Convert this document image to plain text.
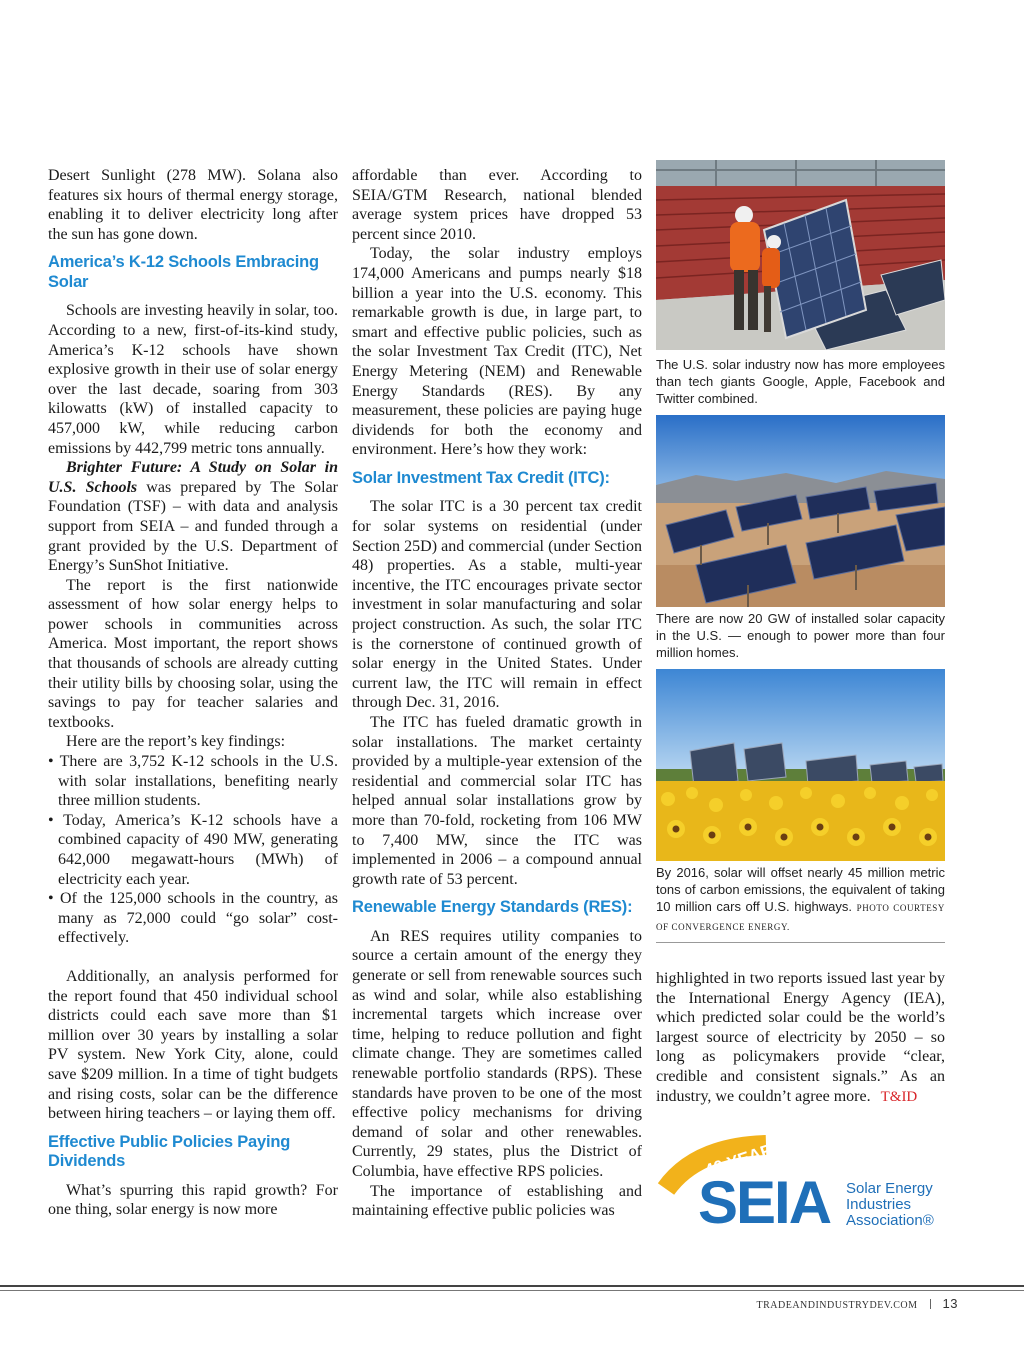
Desert Sunlight (278 MW). Solana also features six hours of thermal energy storage, enabling it to deliver electricity long after the sun has gone down.

America’s K-12 Schools Embracing Solar

Schools are investing heavily in solar, too. According to a new, first-of-its-kind study, America’s K-12 schools have shown explosive growth in their use of solar energy over the last decade, soaring from 303 kilowatts (kW) of installed capacity to 457,000 kW, while reducing carbon emissions by 442,799 metric tons annually.

Brighter Future: A Study on Solar in U.S. Schools was prepared by The Solar Foundation (TSF) – with data and analysis support from SEIA – and funded through a grant provided by the U.S. Department of Energy’s SunShot Initiative.

The report is the first nationwide assessment of how solar energy helps to power schools in communities across America. Most important, the report shows that thousands of schools are already cutting their utility bills by choosing solar, using the savings to pay for teacher salaries and textbooks.

Here are the report’s key findings:

• There are 3,752 K-12 schools in the U.S. with solar installations, benefiting nearly three million students.
• Today, America’s K-12 schools have a combined capacity of 490 MW, generating 642,000 megawatt-hours (MWh) of electricity each year.
• Of the 125,000 schools in the country, as many as 72,000 could “go solar” cost-effectively.

Additionally, an analysis performed for the report found that 450 individual school districts could each save more than $1 million over 30 years by installing a solar PV system. New York City, alone, could save $209 million. In a time of tight budgets and rising costs, solar can be the difference between hiring teachers – or laying them off.

Effective Public Policies Paying Dividends

What’s spurring this rapid growth? For one thing, solar energy is now more

affordable than ever. According to SEIA/GTM Research, national blended average system prices have dropped 53 percent since 2010.

Today, the solar industry employs 174,000 Americans and pumps nearly $18 billion a year into the U.S. economy. This remarkable growth is due, in large part, to smart and effective public policies, such as the solar Investment Tax Credit (ITC), Net Energy Metering (NEM) and Renewable Energy Standards (RES). By any measurement, these policies are paying huge dividends for both the economy and environment. Here’s how they work:

Solar Investment Tax Credit (ITC):

The solar ITC is a 30 percent tax credit for solar systems on residential (under Section 25D) and commercial (under Section 48) properties. As a stable, multi-year incentive, the ITC encourages private sector investment in solar manufacturing and solar project construction. As such, the solar ITC is the cornerstone of continued growth of solar energy in the United States. Under current law, the ITC will remain in effect through Dec. 31, 2016.

The ITC has fueled dramatic growth in solar installations. The market certainty provided by a multiple-year extension of the residential and commercial solar ITC has helped annual solar installations grow by more than 70-fold, rocketing from 106 MW to 7,400 MW, since the ITC was implemented in 2006 – a compound annual growth rate of 53 percent.

Renewable Energy Standards (RES):

An RES requires utility companies to source a certain amount of the energy they generate or sell from renewable sources such as wind and solar, while also establishing incremental targets which increase over time, helping to reduce pollution and fight climate change. They are sometimes called renewable portfolio standards (RPS). These standards have proven to be one of the most effective policy mechanisms for driving demand of solar and other renewables. Currently, 29 states, plus the District of Columbia, have effective RPS policies.

The importance of establishing and maintaining effective public policies was

The U.S. solar industry now has more employees than tech giants Google, Apple, Facebook and Twitter combined.

There are now 20 GW of installed solar capacity in the U.S. — enough to power more than four million homes.

By 2016, solar will offset nearly 45 million metric tons of carbon emissions, the equivalent of taking 10 million cars off U.S. highways. PHOTO COURTESY OF CONVERGENCE ENERGY.

highlighted in two reports issued last year by the International Energy Agency (IEA), which predicted solar could be the world’s largest source of electricity by 2050 – so long as policymakers provide “clear, credible and consistent signals.” As an industry, we couldn’t agree more. T&ID

40 YEARS
SEIA Solar Energy
Industries
Association®
TRADEANDINDUSTRYDEV.COM 13
